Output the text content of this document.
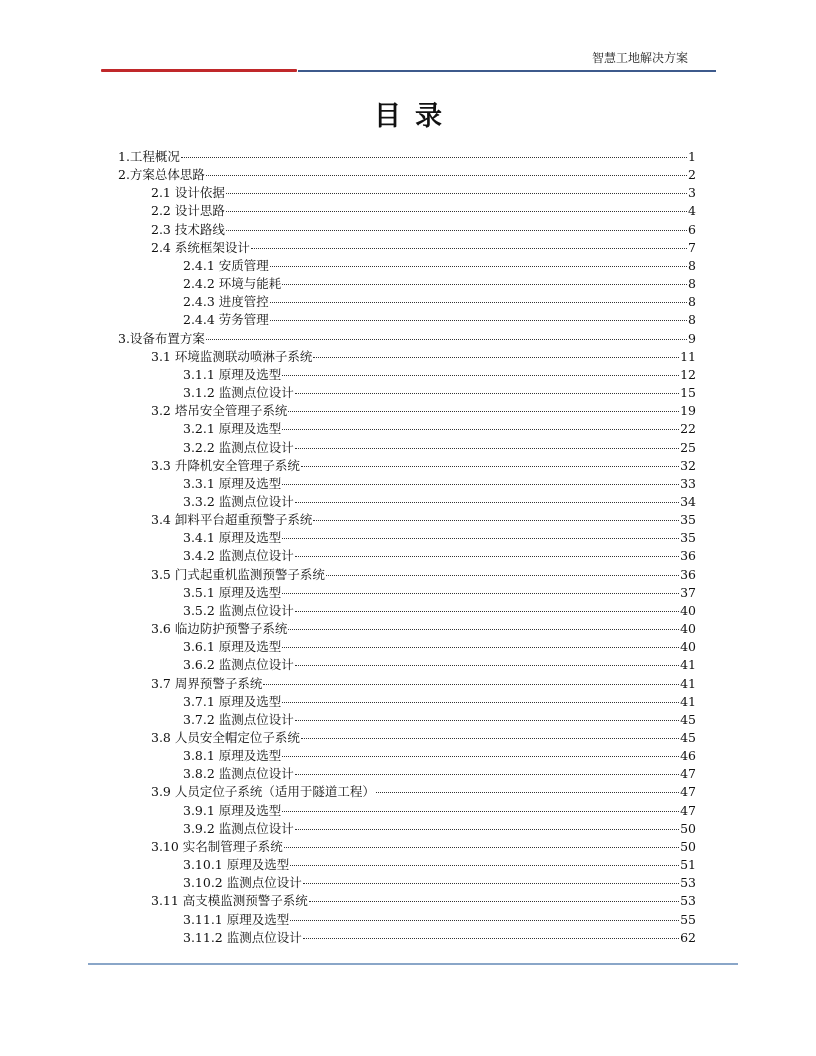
智慧工地解决方案
目录
1.工程概况	1
2.方案总体思路	2
2.1 设计依据	3
2.2 设计思路	4
2.3 技术路线	6
2.4 系统框架设计	7
2.4.1 安质管理	8
2.4.2 环境与能耗	8
2.4.3 进度管控	8
2.4.4 劳务管理	8
3.设备布置方案	9
3.1 环境监测联动喷淋子系统	11
3.1.1 原理及选型	12
3.1.2 监测点位设计	15
3.2 塔吊安全管理子系统	19
3.2.1 原理及选型	22
3.2.2 监测点位设计	25
3.3 升降机安全管理子系统	32
3.3.1 原理及选型	33
3.3.2 监测点位设计	34
3.4 卸料平台超重预警子系统	35
3.4.1 原理及选型	35
3.4.2 监测点位设计	36
3.5 门式起重机监测预警子系统	36
3.5.1 原理及选型	37
3.5.2 监测点位设计	40
3.6 临边防护预警子系统	40
3.6.1 原理及选型	40
3.6.2 监测点位设计	41
3.7 周界预警子系统	41
3.7.1 原理及选型	41
3.7.2 监测点位设计	45
3.8 人员安全帽定位子系统	45
3.8.1 原理及选型	46
3.8.2 监测点位设计	47
3.9 人员定位子系统（适用于隧道工程）	47
3.9.1 原理及选型	47
3.9.2 监测点位设计	50
3.10 实名制管理子系统	50
3.10.1 原理及选型	51
3.10.2 监测点位设计	53
3.11 高支模监测预警子系统	53
3.11.1 原理及选型	55
3.11.2 监测点位设计	62
